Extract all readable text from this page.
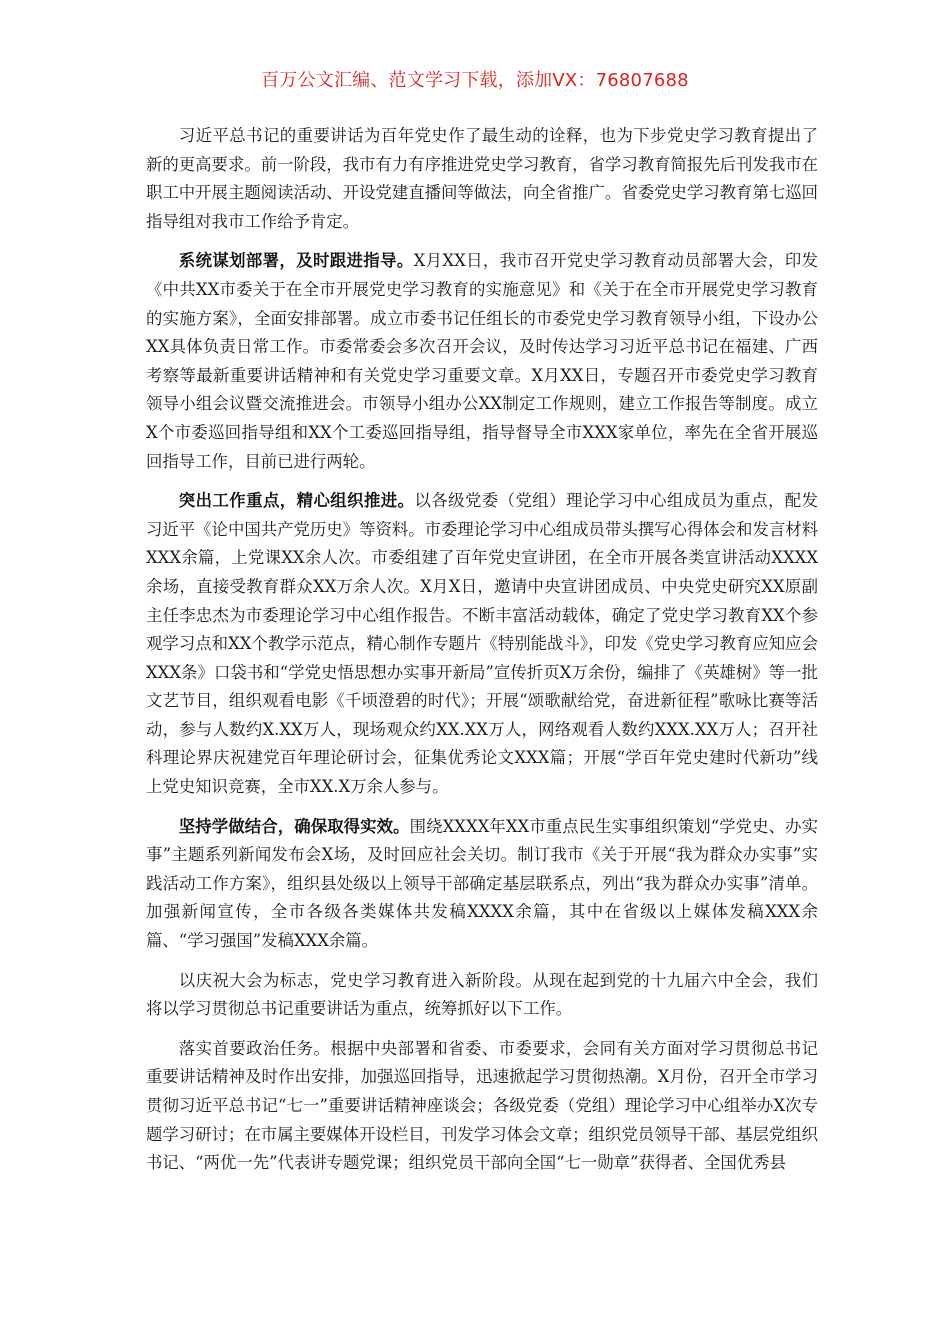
百万公文汇编、范文学习下载，添加VX：76807688

习近平总书记的重要讲话为百年党史作了最生动的诠释，也为下步党史学习教育提出了新的更高要求。前一阶段，我市有力有序推进党史学习教育，省学习教育简报先后刊发我市在职工中开展主题阅读活动、开设党建直播间等做法，向全省推广。省委党史学习教育第七巡回指导组对我市工作给予肯定。

系统谋划部署，及时跟进指导。X月XX日，我市召开党史学习教育动员部署大会，印发《中共XX市委关于在全市开展党史学习教育的实施意见》和《关于在全市开展党史学习教育的实施方案》，全面安排部署。成立市委书记任组长的市委党史学习教育领导小组，下设办公XX具体负责日常工作。市委常委会多次召开会议，及时传达学习习近平总书记在福建、广西考察等最新重要讲话精神和有关党史学习重要文章。X月XX日，专题召开市委党史学习教育领导小组会议暨交流推进会。市领导小组办公XX制定工作规则，建立工作报告等制度。成立X个市委巡回指导组和XX个工委巡回指导组，指导督导全市XXX家单位，率先在全省开展巡回指导工作，目前已进行两轮。

突出工作重点，精心组织推进。以各级党委（党组）理论学习中心组成员为重点，配发习近平《论中国共产党历史》等资料。市委理论学习中心组成员带头撰写心得体会和发言材料XXX余篇，上党课XX余人次。市委组建了百年党史宣讲团，在全市开展各类宣讲活动XXXX余场，直接受教育群众XX万余人次。X月X日，邀请中央宣讲团成员、中央党史研究XX原副主任李忠杰为市委理论学习中心组作报告。不断丰富活动载体，确定了党史学习教育XX个参观学习点和XX个教学示范点，精心制作专题片《特别能战斗》，印发《党史学习教育应知应会XXX条》口袋书和“学党史悟思想办实事开新局”宣传折页X万余份，编排了《英雄树》等一批文艺节目，组织观看电影《千顷澄碧的时代》；开展“颂歌献给党，奋进新征程”歌咏比赛等活动，参与人数约X.XX万人，现场观众约XX.XX万人，网络观看人数约XXX.XX万人；召开社科理论界庆祝建党百年理论研讨会，征集优秀论文XXX篇；开展“学百年党史建时代新功”线上党史知识竞赛，全市XX.X万余人参与。

坚持学做结合，确保取得实效。围绕XXXX年XX市重点民生实事组织策划“学党史、办实事”主题系列新闻发布会X场，及时回应社会关切。制订我市《关于开展“我为群众办实事”实践活动工作方案》，组织县处级以上领导干部确定基层联系点，列出“我为群众办实事”清单。加强新闻宣传，全市各级各类媒体共发稿XXXX余篇，其中在省级以上媒体发稿XXX余篇、“学习强国”发稿XXX余篇。

以庆祝大会为标志，党史学习教育进入新阶段。从现在起到党的十九届六中全会，我们将以学习贯彻总书记重要讲话为重点，统筹抓好以下工作。

落实首要政治任务。根据中央部署和省委、市委要求，会同有关方面对学习贯彻总书记重要讲话精神及时作出安排，加强巡回指导，迅速掀起学习贯彻热潮。X月份，召开全市学习贯彻习近平总书记“七一”重要讲话精神座谈会；各级党委（党组）理论学习中心组举办X次专题学习研讨；在市属主要媒体开设栏目，刊发学习体会文章；组织党员领导干部、基层党组织书记、“两优一先”代表讲专题党课；组织党员干部向全国“七一勋章”获得者、全国优秀县
